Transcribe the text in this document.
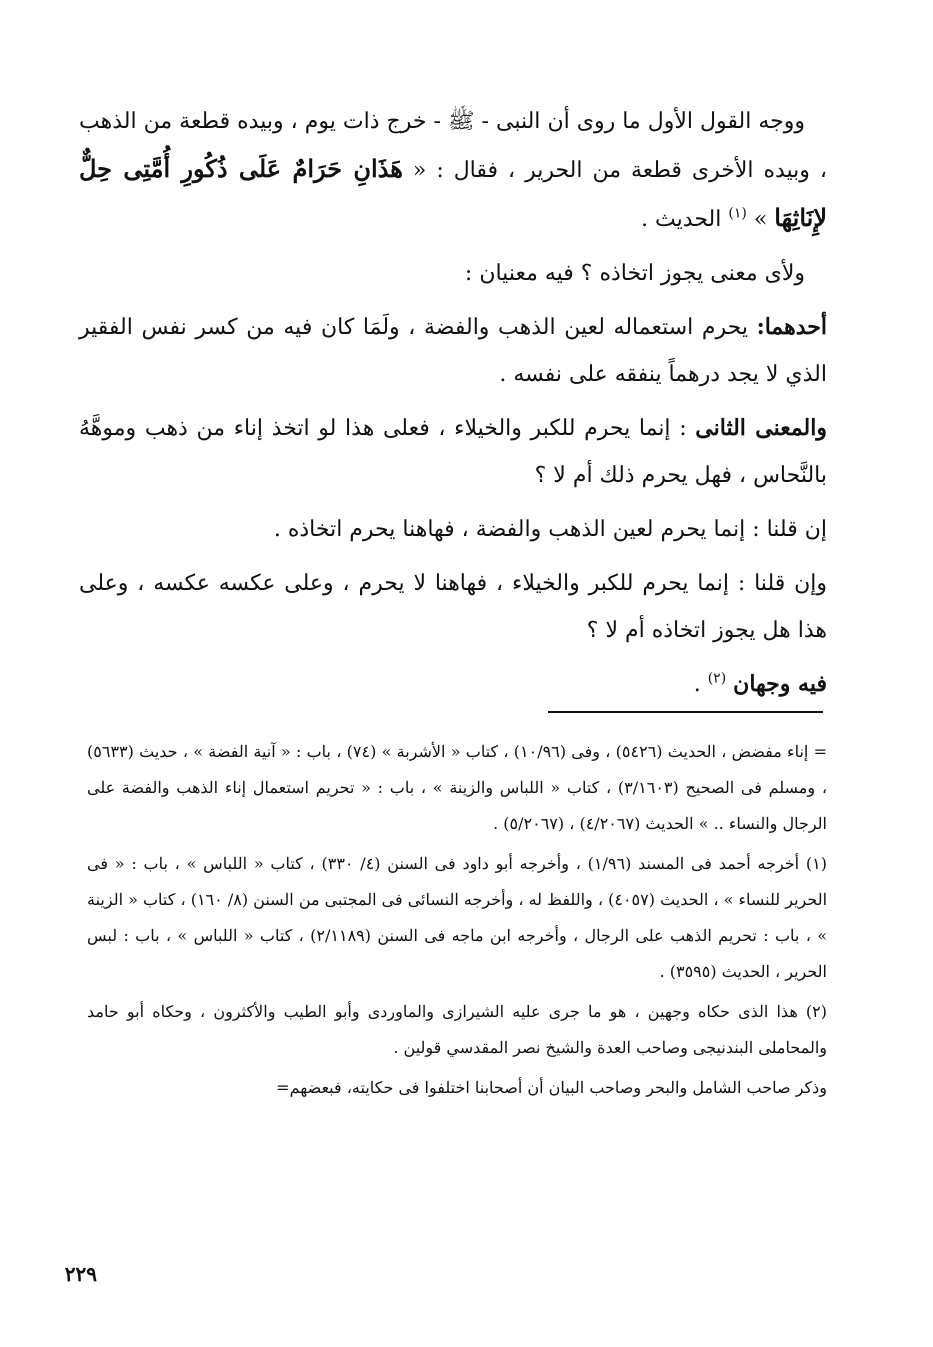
ووجه القول الأول ما روى أن النبى - ﷺ - خرج ذات يوم ، وبيده قطعة من الذهب ، وبيده الأخرى قطعة من الحرير ، فقال : « هَذَانِ حَرَامٌ عَلَى ذُكُورِ أُمَّتِى حِلٌّ لإِنَاثِهَا » $^{(١)}$ الحديث .

ولأى معنى يجوز اتخاذه ؟ فيه معنيان :

أحدهما: يحرم استعماله لعين الذهب والفضة ، ولَمَا كان فيه من كسر نفس الفقير الذي لا يجد درهماً ينفقه على نفسه .

والمعنى الثانى : إنما يحرم للكبر والخيلاء ، فعلى هذا لو اتخذ إناء من ذهب وموهَّهُ بالنَّحاس ، فهل يحرم ذلك أم لا ؟

إن قلنا : إنما يحرم لعين الذهب والفضة ، فهاهنا يحرم اتخاذه .

وإن قلنا : إنما يحرم للكبر والخيلاء ، فهاهنا لا يحرم ، وعلى عكسه عكسه ، وعلى هذا هل يجوز اتخاذه أم لا ؟

فيه وجهان $^{(٢)}$ .

= إناء مفضض ، الحديث (٥٤٢٦) ، وفى (١٠/٩٦) ، كتاب « الأشربة » (٧٤) ، باب : « آنية الفضة » ، حديث (٥٦٣٣) ، ومسلم فى الصحيح (٣/١٦٠٣) ، كتاب « اللباس والزينة » ، باب : « تحريم استعمال إناء الذهب والفضة على الرجال والنساء .. » الحديث (٤/٢٠٦٧) ، (٥/٢٠٦٧) .

(١) أخرجه أحمد فى المسند (١/٩٦) ، وأخرجه أبو داود فى السنن (٤/ ٣٣٠) ، كتاب « اللباس » ، باب : « فى الحرير للنساء » ، الحديث (٤٠٥٧) ، واللفظ له ، وأخرجه النسائى فى المجتبى من السنن (٨/ ١٦٠) ، كتاب « الزينة » ، باب : تحريم الذهب على الرجال ، وأخرجه ابن ماجه فى السنن (٢/١١٨٩) ، كتاب « اللباس » ، باب : لبس الحرير ، الحديث (٣٥٩٥) .

(٢) هذا الذى حكاه وجهين ، هو ما جرى عليه الشيرازى والماوردى وأبو الطيب والأكثرون ، وحكاه أبو حامد والمحاملى البندنيجى وصاحب العدة والشيخ نصر المقدسي قولين .

وذكر صاحب الشامل والبحر وصاحب البيان أن أصحابنا اختلفوا فى حكايته، فبعضهم=

٢٢٩
